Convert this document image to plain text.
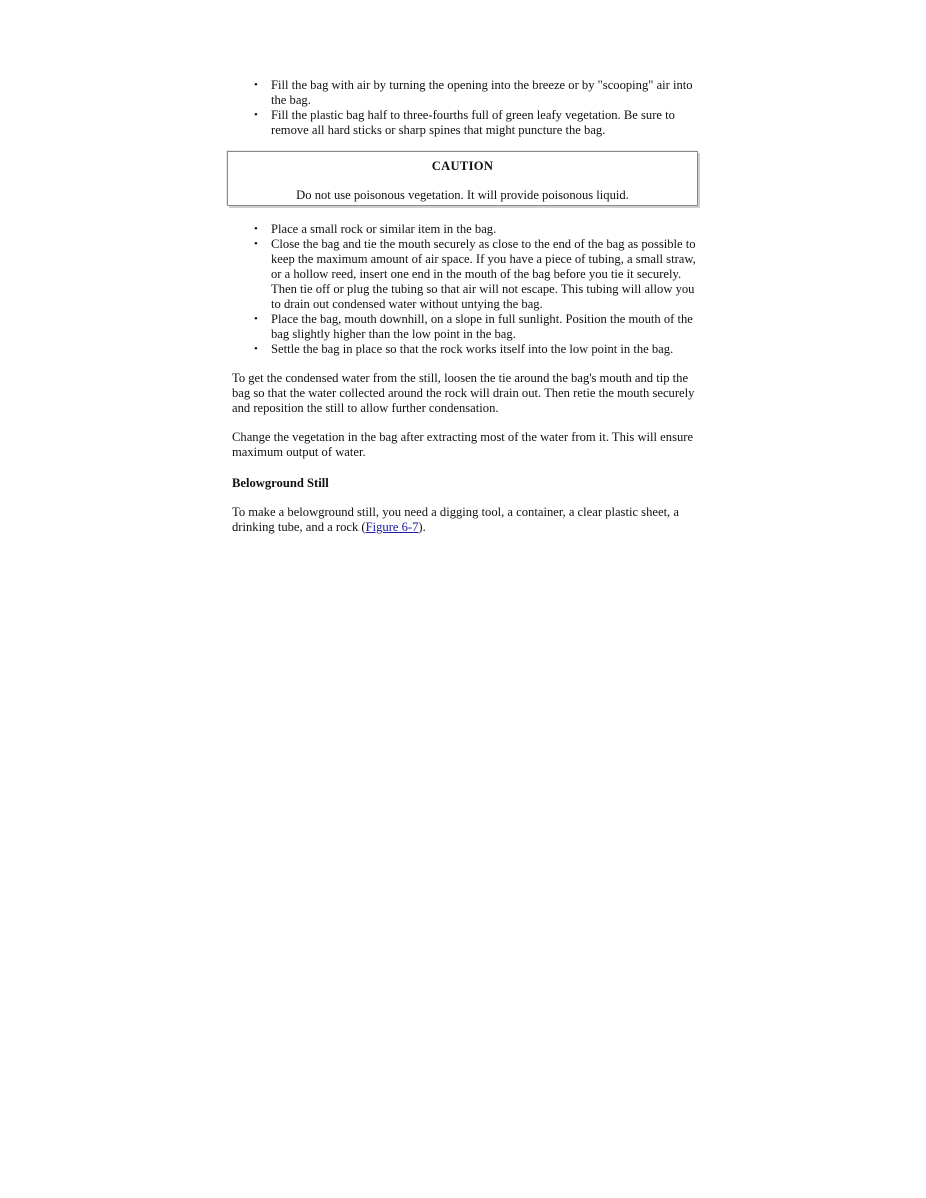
• Fill the bag with air by turning the opening into the breeze or by "scooping" air into the bag.
• Fill the plastic bag half to three-fourths full of green leafy vegetation. Be sure to remove all hard sticks or sharp spines that might puncture the bag.
CAUTION
Do not use poisonous vegetation. It will provide poisonous liquid.
• Place a small rock or similar item in the bag.
• Close the bag and tie the mouth securely as close to the end of the bag as possible to keep the maximum amount of air space. If you have a piece of tubing, a small straw, or a hollow reed, insert one end in the mouth of the bag before you tie it securely. Then tie off or plug the tubing so that air will not escape. This tubing will allow you to drain out condensed water without untying the bag.
• Place the bag, mouth downhill, on a slope in full sunlight. Position the mouth of the bag slightly higher than the low point in the bag.
• Settle the bag in place so that the rock works itself into the low point in the bag.

To get the condensed water from the still, loosen the tie around the bag's mouth and tip the bag so that the water collected around the rock will drain out. Then retie the mouth securely and reposition the still to allow further condensation.

Change the vegetation in the bag after extracting most of the water from it. This will ensure maximum output of water.

Belowground Still

To make a belowground still, you need a digging tool, a container, a clear plastic sheet, a drinking tube, and a rock (Figure 6-7).
